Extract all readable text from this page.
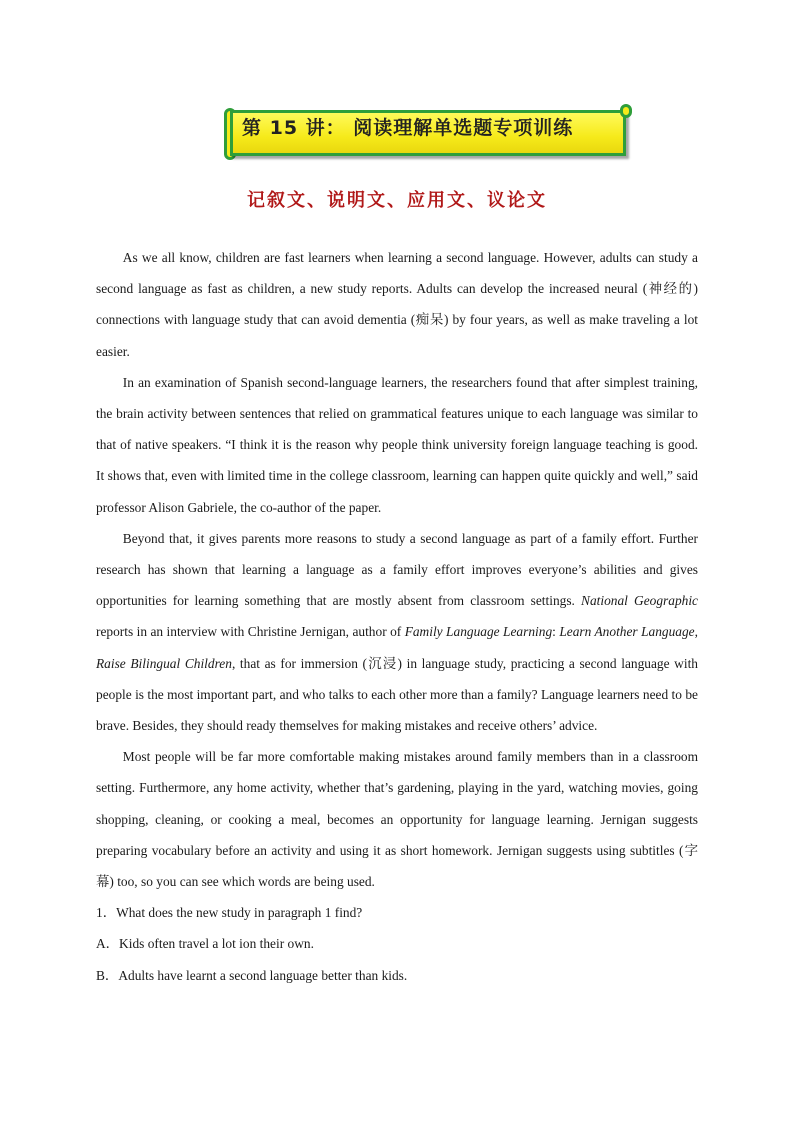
第 15 讲： 阅读理解单选题专项训练
记叙文、说明文、应用文、议论文

As we all know, children are fast learners when learning a second language. However, adults can study a second language as fast as children, a new study reports. Adults can develop the increased neural (神经的) connections with language study that can avoid dementia (痴呆) by four years, as well as make traveling a lot easier.

In an examination of Spanish second-language learners, the researchers found that after simplest training, the brain activity between sentences that relied on grammatical features unique to each language was similar to that of native speakers. “I think it is the reason why people think university foreign language teaching is good. It shows that, even with limited time in the college classroom, learning can happen quite quickly and well,” said professor Alison Gabriele, the co-author of the paper.

Beyond that, it gives parents more reasons to study a second language as part of a family effort. Further research has shown that learning a language as a family effort improves everyone’s abilities and gives opportunities for learning something that are mostly absent from classroom settings. National Geographic reports in an interview with Christine Jernigan, author of Family Language Learning: Learn Another Language, Raise Bilingual Children, that as for immersion (沉浸) in language study, practicing a second language with people is the most important part, and who talks to each other more than a family? Language learners need to be brave. Besides, they should ready themselves for making mistakes and receive others’ advice.

Most people will be far more comfortable making mistakes around family members than in a classroom setting. Furthermore, any home activity, whether that’s gardening, playing in the yard, watching movies, going shopping, cleaning, or cooking a meal, becomes an opportunity for language learning. Jernigan suggests preparing vocabulary before an activity and using it as short homework. Jernigan suggests using subtitles (字幕) too, so you can see which words are being used.

1．What does the new study in paragraph 1 find?

A．Kids often travel a lot ion their own.

B．Adults have learnt a second language better than kids.
